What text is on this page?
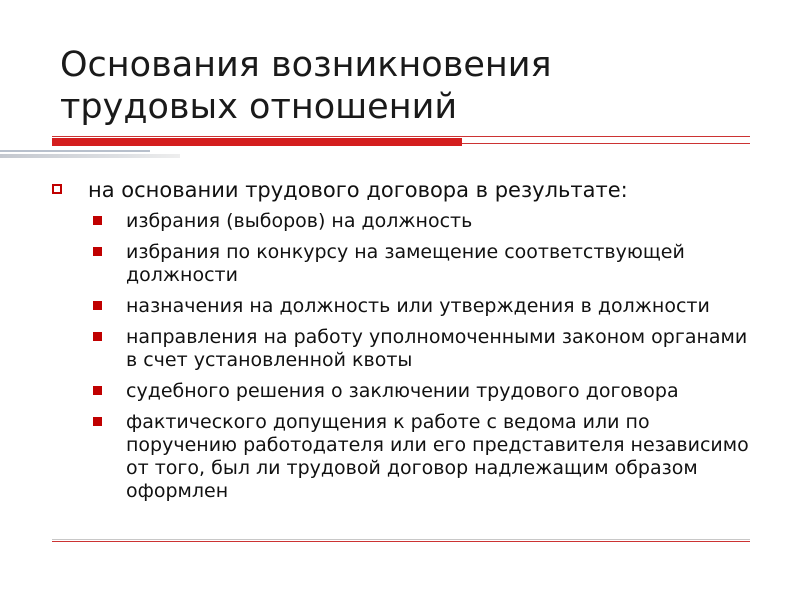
Основания возникновения
трудовых отношений
на основании трудового договора в результате:
избрания (выборов) на должность
избрания по конкурсу на замещение соответствующей должности
назначения на должность или утверждения в должности
направления на работу уполномоченными законом органами в счет установленной квоты
судебного решения о заключении трудового договора
фактического допущения к работе с ведома или по поручению работодателя или его представителя независимо от того, был ли трудовой договор надлежащим образом оформлен
